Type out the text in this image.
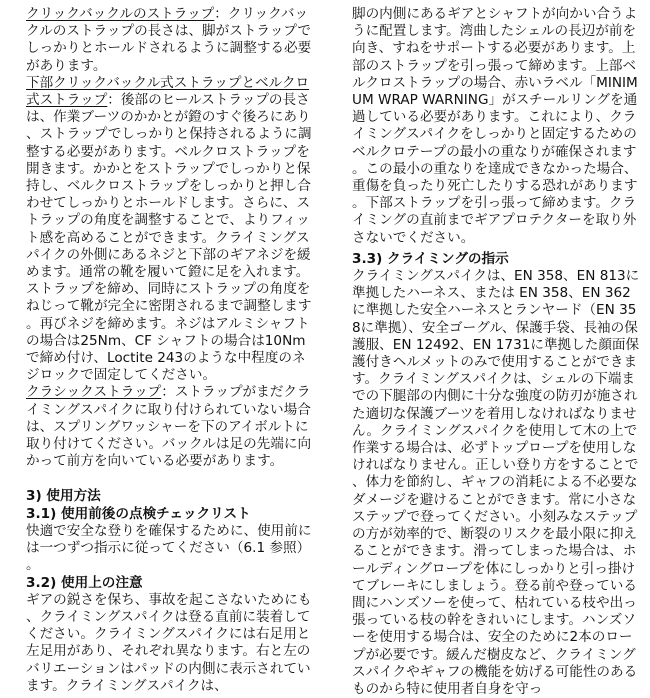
クリックバックルのストラップ：クリックバックルのストラップの長さは、脚がストラップでしっかりとホールドされるように調整する必要があります。

下部クリックバックル式ストラップとベルクロ式ストラップ：後部のヒールストラップの長さは、作業ブーツのかかとが鐙のすぐ後ろにあり、ストラップでしっかりと保持されるように調整する必要があります。ベルクロストラップを開きます。かかとをストラップでしっかりと保持し、ベルクロストラップをしっかりと押し合わせてしっかりとホールドします。さらに、ストラップの角度を調整することで、よりフィット感を高めることができます。クライミングスパイクの外側にあるネジと下部のギアネジを緩めます。通常の靴を履いて鐙に足を入れます。ストラップを締め、同時にストラップの角度をねじって靴が完全に密閉されるまで調整します。再びネジを締めます。ネジはアルミシャフトの場合は25Nm、CF シャフトの場合は10Nmで締め付け、Loctite 243のような中程度のネジロックで固定してください。

クラシックストラップ：ストラップがまだクライミングスパイクに取り付けられていない場合は、スプリングワッシャーを下のアイボルトに取り付けてください。バックルは足の先端に向かって前方を向いている必要があります。

3) 使用方法

3.1) 使用前後の点検チェックリスト

快適で安全な登りを確保するために、使用前には一つずつ指示に従ってください（6.1 参照）。

3.2) 使用上の注意

ギアの鋭さを保ち、事故を起こさないためにも、クライミングスパイクは登る直前に装着してください。クライミングスパイクには右足用と左足用があり、それぞれ異なります。右と左のバリエーションはパッドの内側に表示されています。クライミングスパイクは、

脚の内側にあるギアとシャフトが向かい合うように配置します。湾曲したシェルの長辺が前を向き、すねをサポートする必要があります。上部のストラップを引っ張って締めます。上部ベルクロストラップの場合、赤いラベル「MINIMUM WRAP WARNING」がスチールリングを通過している必要があります。これにより、クライミングスパイクをしっかりと固定するためのベルクロテープの最小の重なりが確保されます。この最小の重なりを達成できなかった場合、重傷を負ったり死亡したりする恐れがあります。下部ストラップを引っ張って締めます。クライミングの直前までギアプロテクターを取り外さないでください。

3.3) クライミングの指示

クライミングスパイクは、EN 358、EN 813に準拠したハーネス、または EN 358、EN 362に準拠した安全ハーネスとランヤード（EN 358に準拠）、安全ゴーグル、保護手袋、長袖の保護服、EN 12492、EN 1731に準拠した顔面保護付きヘルメットのみで使用することができます。クライミングスパイクは、シェルの下端までの下腿部の内側に十分な強度の防刃が施された適切な保護ブーツを着用しなければなりません。クライミングスパイクを使用して木の上で作業する場合は、必ずトップロープを使用しなければなりません。正しい登り方をすることで、体力を節約し、ギャフの消耗による不必要なダメージを避けることができます。常に小さなステップで登ってください。小刻みなステップの方が効率的で、断裂のリスクを最小限に抑えることができます。滑ってしまった場合は、ホールディングロープを体にしっかりと引っ掛けてブレーキにしましょう。登る前や登っている間にハンズソーを使って、枯れている枝や出っ張っている枝の幹をきれいにします。ハンズソーを使用する場合は、安全のために2本のロープが必要です。緩んだ樹皮など、クライミングスパイクやギャフの機能を妨げる可能性のあるものから特に使用者自身を守っ
